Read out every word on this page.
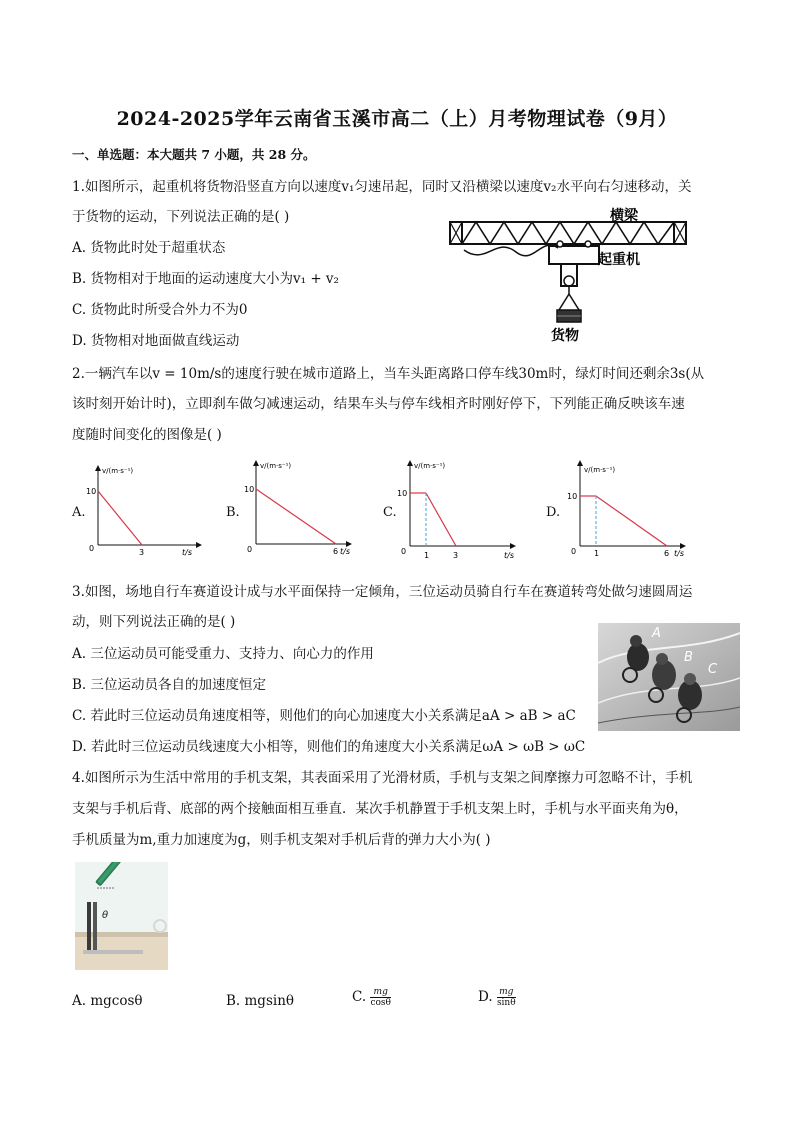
2024-2025学年云南省玉溪市高二（上）月考物理试卷（9月）
一、单选题：本大题共 7 小题，共 28 分。
1.如图所示，起重机将货物沿竖直方向以速度v₁匀速吊起，同时又沿横梁以速度v₂水平向右匀速移动，关
于货物的运动，下列说法正确的是( )
A. 货物此时处于超重状态
B. 货物相对于地面的运动速度大小为v₁ + v₂
C. 货物此时所受合外力不为0
D. 货物相对地面做直线运动
横梁
起重机
货物
2.一辆汽车以v = 10m/s的速度行驶在城市道路上，当车头距离路口停车线30m时，绿灯时间还剩余3s(从
该时刻开始计时)，立即刹车做匀减速运动，结果车头与停车线相齐时刚好停下，下列能正确反映该车速
度随时间变化的图像是( )
A.
v/(m·s⁻¹)
10
0	3	t/s
B.
v/(m·s⁻¹)
10
0	6 t/s
C.
v/(m·s⁻¹)
10
0 1	3	t/s
D.
v/(m·s⁻¹)
10
0 1	6 t/s
3.如图，场地自行车赛道设计成与水平面保持一定倾角，三位运动员骑自行车在赛道转弯处做匀速圆周运
动，则下列说法正确的是( )
A. 三位运动员可能受重力、支持力、向心力的作用
B. 三位运动员各自的加速度恒定
C. 若此时三位运动员角速度相等，则他们的向心加速度大小关系满足aA > aB > aC
D. 若此时三位运动员线速度大小相等，则他们的角速度大小关系满足ωA > ωB > ωC
A
B
C
4.如图所示为生活中常用的手机支架，其表面采用了光滑材质，手机与支架之间摩擦力可忽略不计，手机
支架与手机后背、底部的两个接触面相互垂直．某次手机静置于手机支架上时，手机与水平面夹角为θ，
手机质量为m,重力加速度为g，则手机支架对手机后背的弹力大小为( )
θ
A. mgcosθ	B. mgsinθ	C. $\frac{mg}{\cos\theta}$	D. $\frac{mg}{\sin\theta}$
